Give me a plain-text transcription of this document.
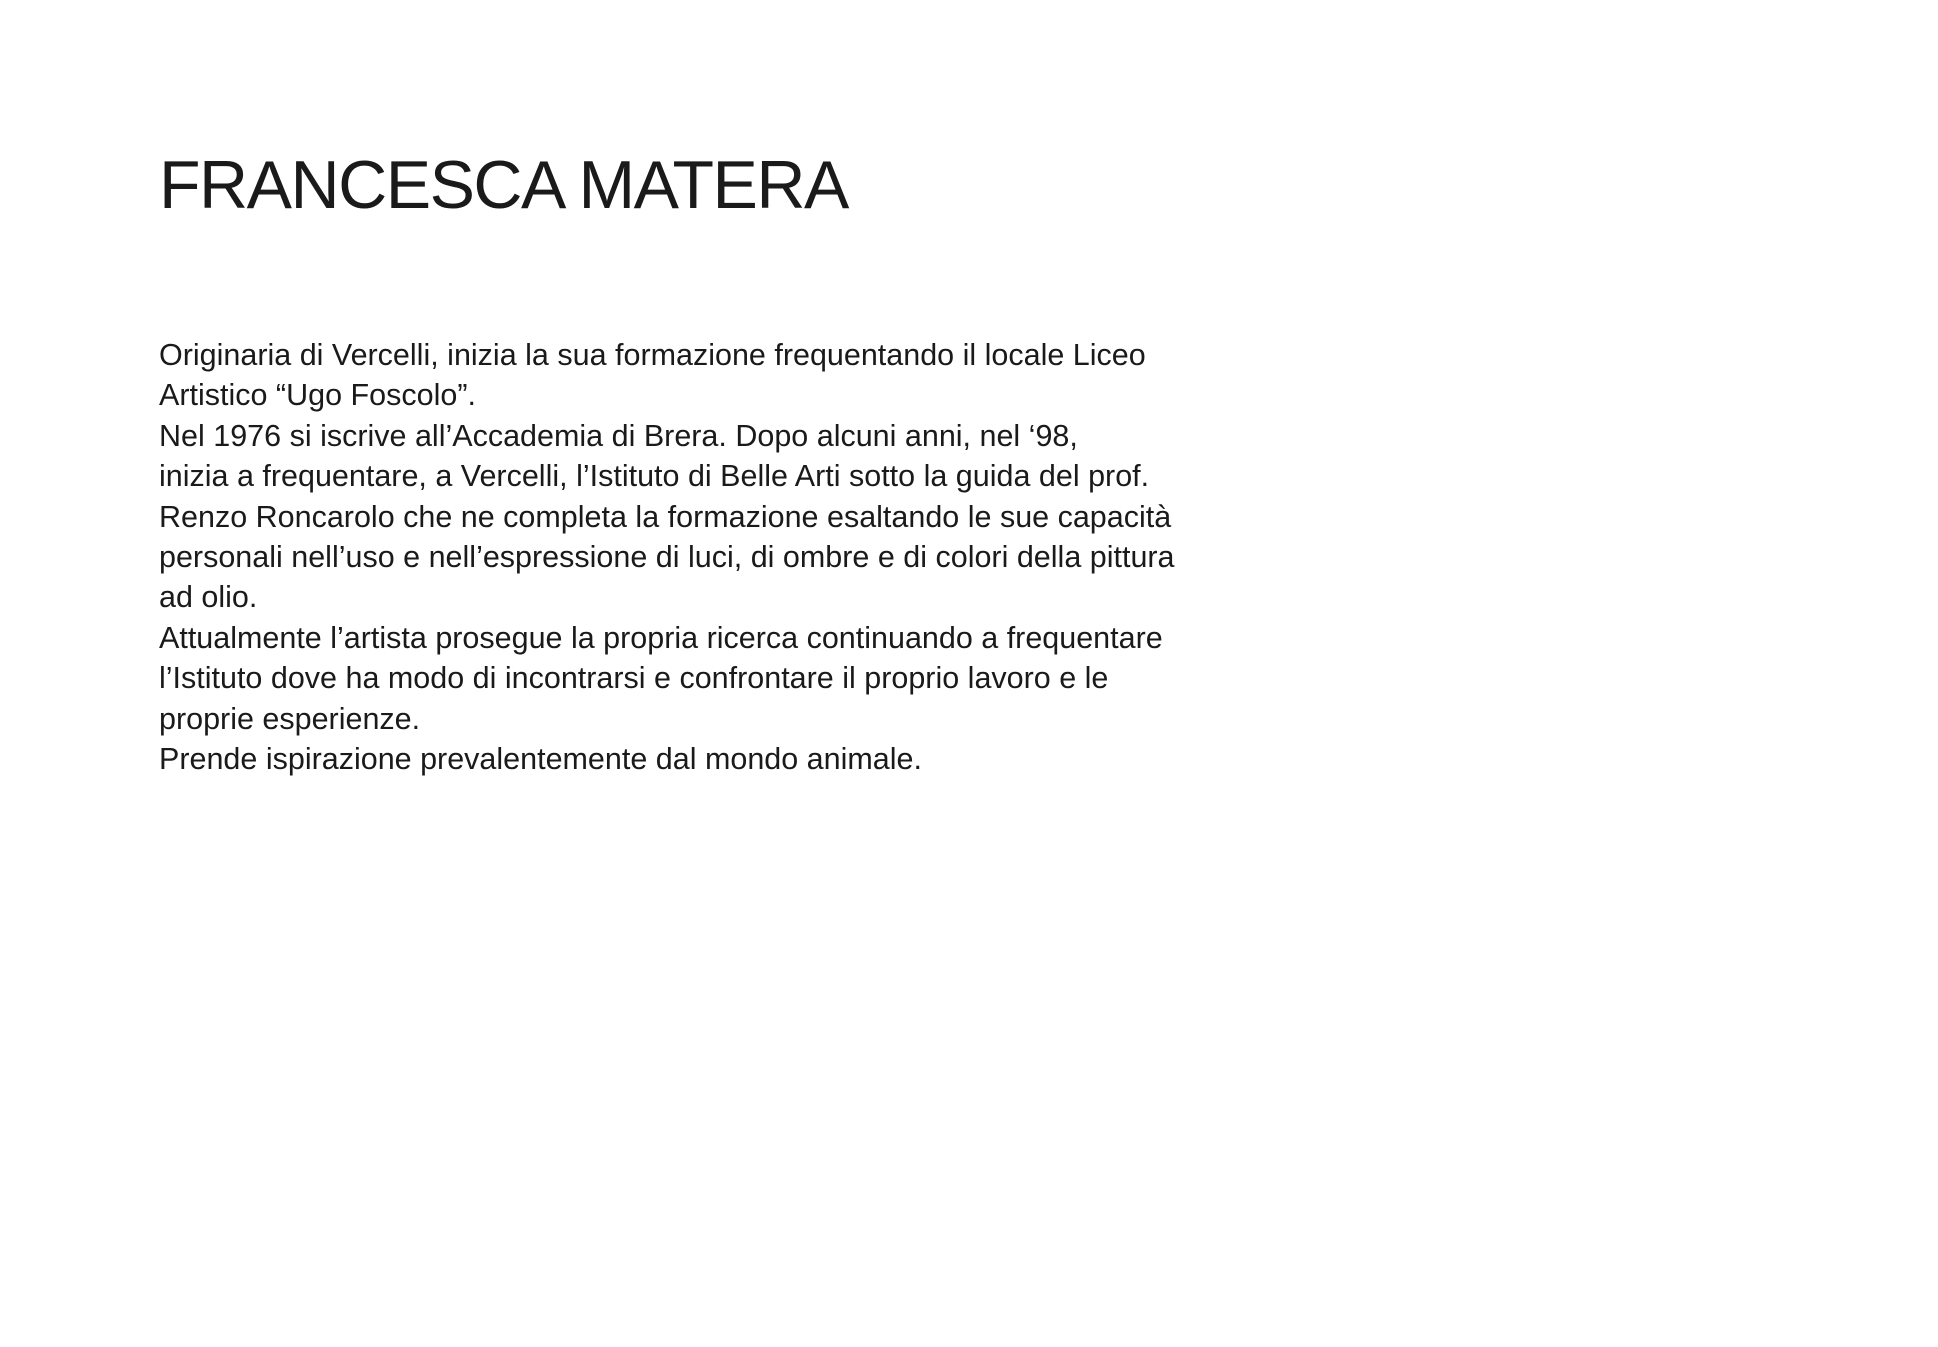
FRANCESCA MATERA
Originaria di Vercelli, inizia la sua formazione frequentando il locale Liceo
Artistico “Ugo Foscolo”.
Nel 1976 si iscrive all’Accademia di Brera. Dopo alcuni anni, nel ‘98,
inizia a frequentare, a Vercelli, l’Istituto di Belle Arti sotto la guida del prof.
Renzo Roncarolo che ne completa la formazione esaltando le sue capacità
personali nell’uso e nell’espressione di luci, di ombre e di colori della pittura
ad olio.
Attualmente l’artista prosegue la propria ricerca continuando a frequentare
l’Istituto dove ha modo di incontrarsi e confrontare il proprio lavoro e le
proprie esperienze.
Prende ispirazione prevalentemente dal mondo animale.
